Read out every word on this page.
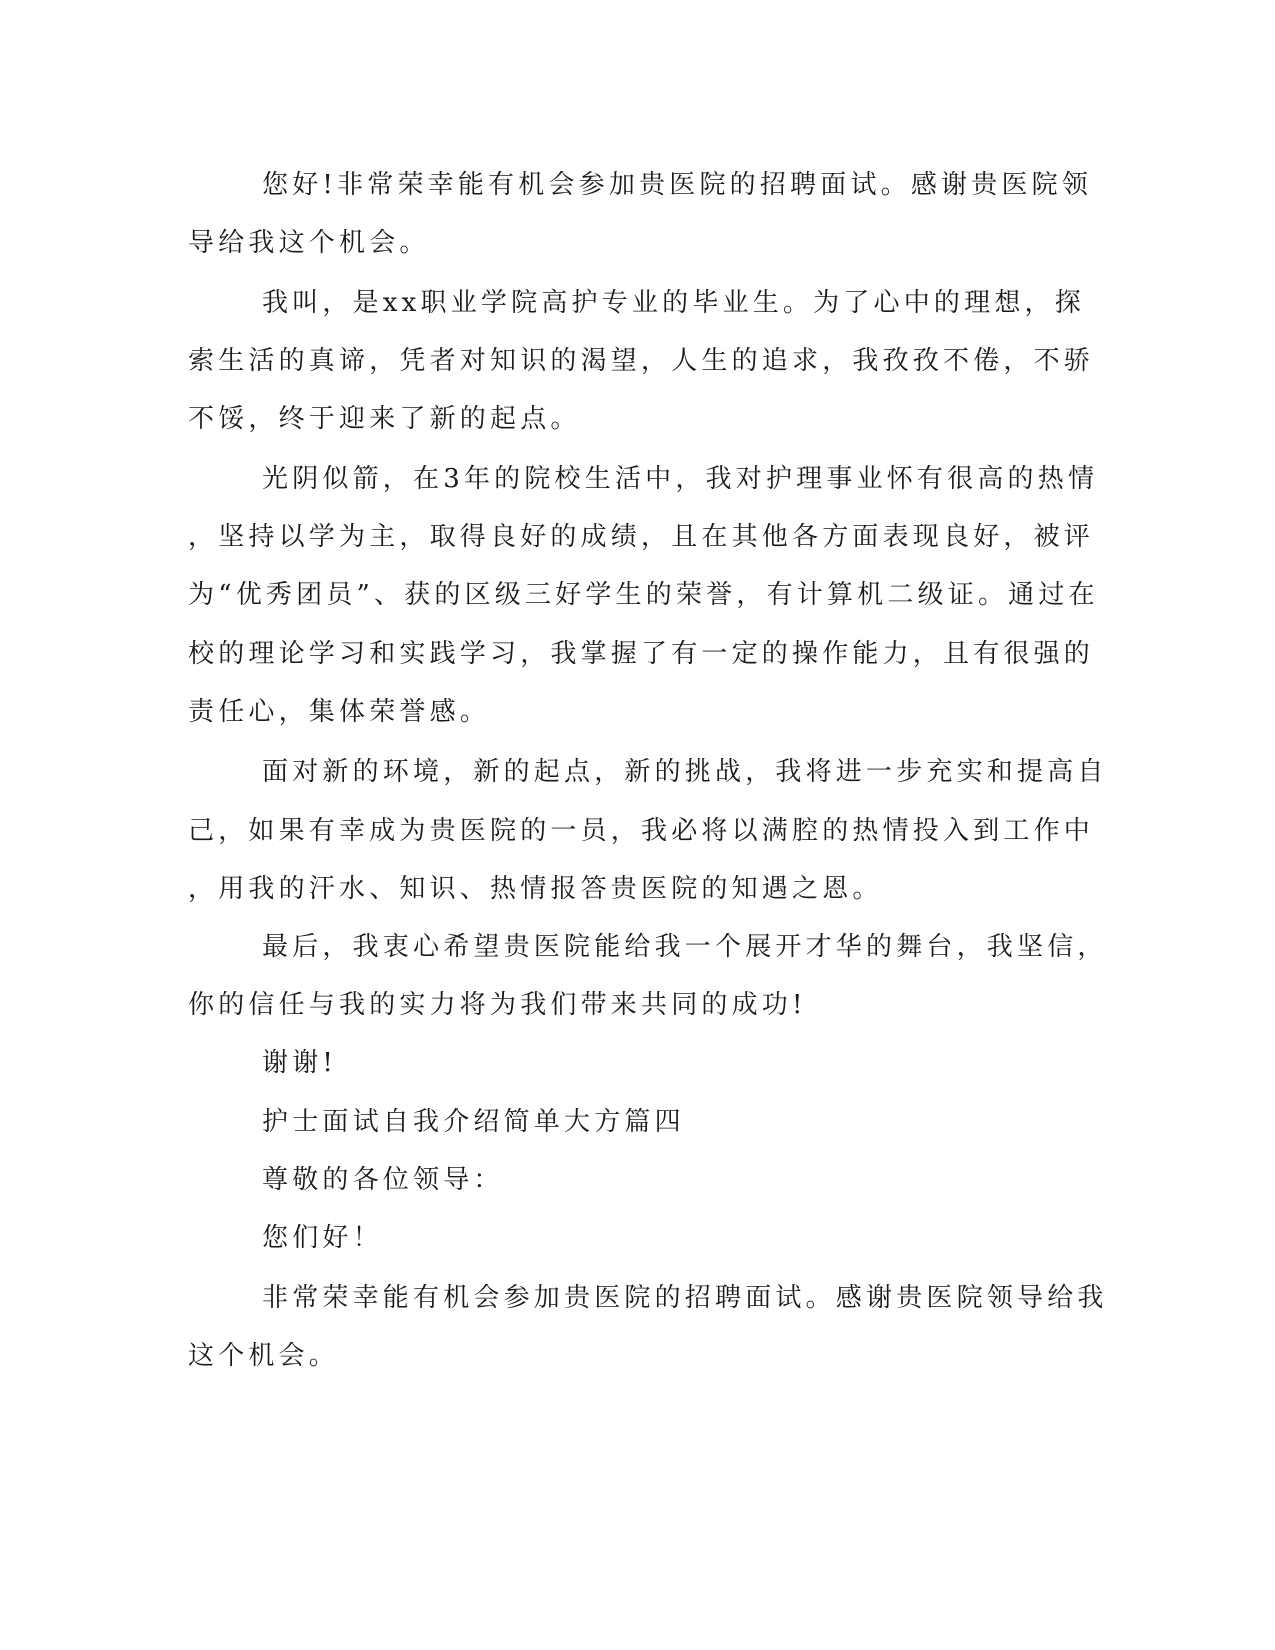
您好!非常荣幸能有机会参加贵医院的招聘面试。感谢贵医院领
导给我这个机会。
我叫，是xx职业学院高护专业的毕业生。为了心中的理想，探
索生活的真谛，凭者对知识的渴望，人生的追求，我孜孜不倦，不骄
不馁，终于迎来了新的起点。
光阴似箭，在3年的院校生活中，我对护理事业怀有很高的热情
，坚持以学为主，取得良好的成绩，且在其他各方面表现良好，被评
为“优秀团员”、获的区级三好学生的荣誉，有计算机二级证。通过在
校的理论学习和实践学习，我掌握了有一定的操作能力，且有很强的
责任心，集体荣誉感。
面对新的环境，新的起点，新的挑战，我将进一步充实和提高自
己，如果有幸成为贵医院的一员，我必将以满腔的热情投入到工作中
，用我的汗水、知识、热情报答贵医院的知遇之恩。
最后，我衷心希望贵医院能给我一个展开才华的舞台，我坚信，
你的信任与我的实力将为我们带来共同的成功!
谢谢!
护士面试自我介绍简单大方篇四
尊敬的各位领导：
您们好！
非常荣幸能有机会参加贵医院的招聘面试。感谢贵医院领导给我
这个机会。
